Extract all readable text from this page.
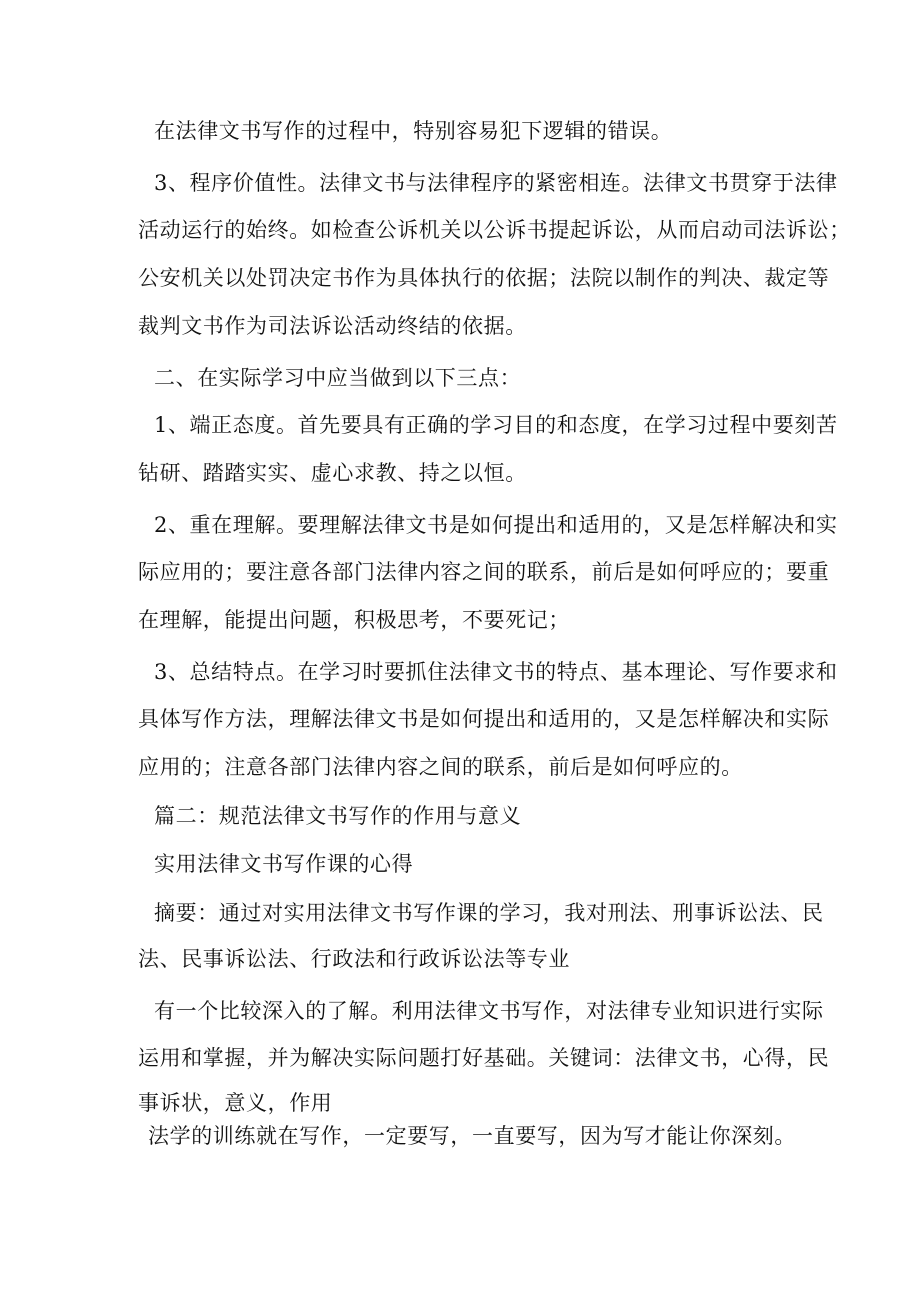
在法律文书写作的过程中，特别容易犯下逻辑的错误。
3、程序价值性。法律文书与法律程序的紧密相连。法律文书贯穿于法律
活动运行的始终。如检查公诉机关以公诉书提起诉讼，从而启动司法诉讼；
公安机关以处罚决定书作为具体执行的依据；法院以制作的判决、裁定等
裁判文书作为司法诉讼活动终结的依据。
二、在实际学习中应当做到以下三点：
1、端正态度。首先要具有正确的学习目的和态度，在学习过程中要刻苦
钻研、踏踏实实、虚心求教、持之以恒。
2、重在理解。要理解法律文书是如何提出和适用的，又是怎样解决和实
际应用的；要注意各部门法律内容之间的联系，前后是如何呼应的；要重
在理解，能提出问题，积极思考，不要死记；
3、总结特点。在学习时要抓住法律文书的特点、基本理论、写作要求和
具体写作方法，理解法律文书是如何提出和适用的，又是怎样解决和实际
应用的；注意各部门法律内容之间的联系，前后是如何呼应的。
篇二：规范法律文书写作的作用与意义
实用法律文书写作课的心得
摘要：通过对实用法律文书写作课的学习，我对刑法、刑事诉讼法、民
法、民事诉讼法、行政法和行政诉讼法等专业
有一个比较深入的了解。利用法律文书写作，对法律专业知识进行实际
运用和掌握，并为解决实际问题打好基础。关键词：法律文书，心得，民
事诉状，意义，作用
法学的训练就在写作，一定要写，一直要写，因为写才能让你深刻。
